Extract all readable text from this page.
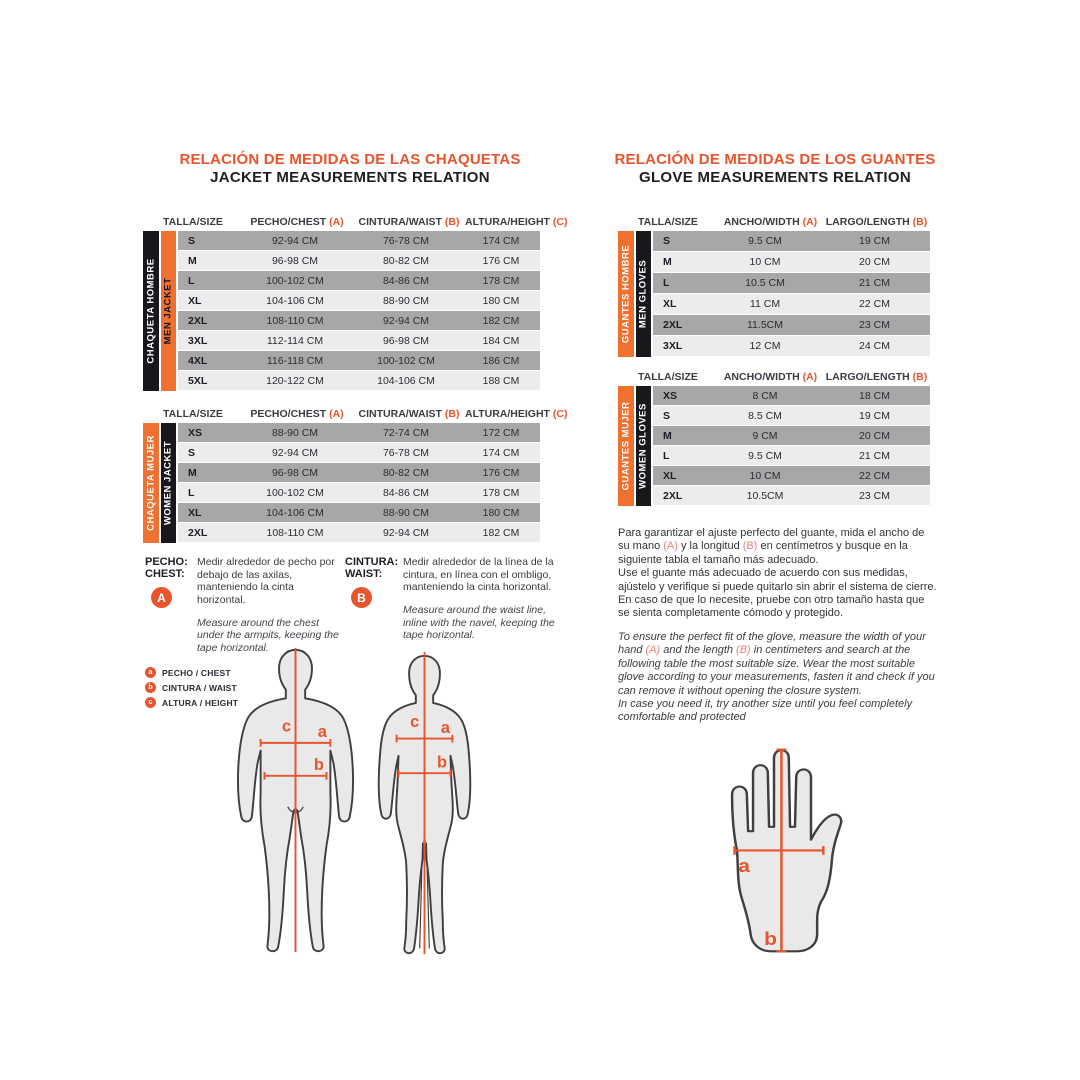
RELACIÓN DE MEDIDAS DE LAS CHAQUETAS
JACKET MEASUREMENTS RELATION
TALLA/SIZE	PECHO/CHEST (A)	CINTURA/WAIST (B) ALTURA/HEIGHT (C)
CHAQUETA HOMBRE MEN JACKET
S	92-94 CM	76-78 CM	174 CM
M	96-98 CM	80-82 CM	176 CM
L	100-102 CM	84-86 CM	178 CM
XL	104-106 CM	88-90 CM	180 CM
2XL	108-110 CM	92-94 CM	182 CM
3XL	112-114 CM	96-98 CM	184 CM
4XL	116-118 CM	100-102 CM	186 CM
5XL	120-122 CM	104-106 CM	188 CM
TALLA/SIZE	PECHO/CHEST (A)	CINTURA/WAIST (B) ALTURA/HEIGHT (C)
CHAQUETA MUJER WOMEN JACKET
XS	88-90 CM	72-74 CM	172 CM
S	92-94 CM	76-78 CM	174 CM
M	96-98 CM	80-82 CM	176 CM
L	100-102 CM	84-86 CM	178 CM
XL	104-106 CM	88-90 CM	180 CM
2XL	108-110 CM	92-94 CM	182 CM
PECHO:
CHEST:
A

Medir alrededor de pecho por debajo de las axilas, manteniendo la cinta horizontal.

Measure around the chest under the armpits, keeping the tape horizontal.

CINTURA:
WAIST:
B

Medir alrededor de la línea de la cintura, en línea con el ombligo, manteniendo la cinta horizontal.

Measure around the waist line, inline with the navel, keeping the tape horizontal.

a	PECHO / CHEST
b	CINTURA / WAIST
c	ALTURA / HEIGHT
c a
b
c a
b
RELACIÓN DE MEDIDAS DE LOS GUANTES
GLOVE MEASUREMENTS RELATION
TALLA/SIZE	ANCHO/WIDTH (A) LARGO/LENGTH (B)
GUANTES HOMBRE MEN GLOVES
S	9.5 CM	19 CM
M	10 CM	20 CM
L	10.5 CM	21 CM
XL	11 CM	22 CM
2XL	11.5CM	23 CM
3XL	12 CM	24 CM
TALLA/SIZE	ANCHO/WIDTH (A) LARGO/LENGTH (B)
GUANTES MUJER WOMEN GLOVES
XS	8 CM	18 CM
S	8.5 CM	19 CM
M	9 CM	20 CM
L	9.5 CM	21 CM
XL	10 CM	22 CM
2XL	10.5CM	23 CM

Para garantizar el ajuste perfecto del guante, mida el ancho de su mano (A) y la longitud (B) en centímetros y busque en la siguiente tabla el tamaño más adecuado.

Use el guante más adecuado de acuerdo con sus medidas, ajústelo y verifique si puede quitarlo sin abrir el sistema de cierre. En caso de que lo necesite, pruebe con otro tamaño hasta que se sienta completamente cómodo y protegido.

To ensure the perfect fit of the glove, measure the width of your hand (A) and the length (B) in centimeters and search at the following table the most suitable size. Wear the most suitable glove according to your measurements, fasten it and check if you can remove it without opening the closure system.

In case you need it, try another size until you feel completely comfortable and protected

a
b
